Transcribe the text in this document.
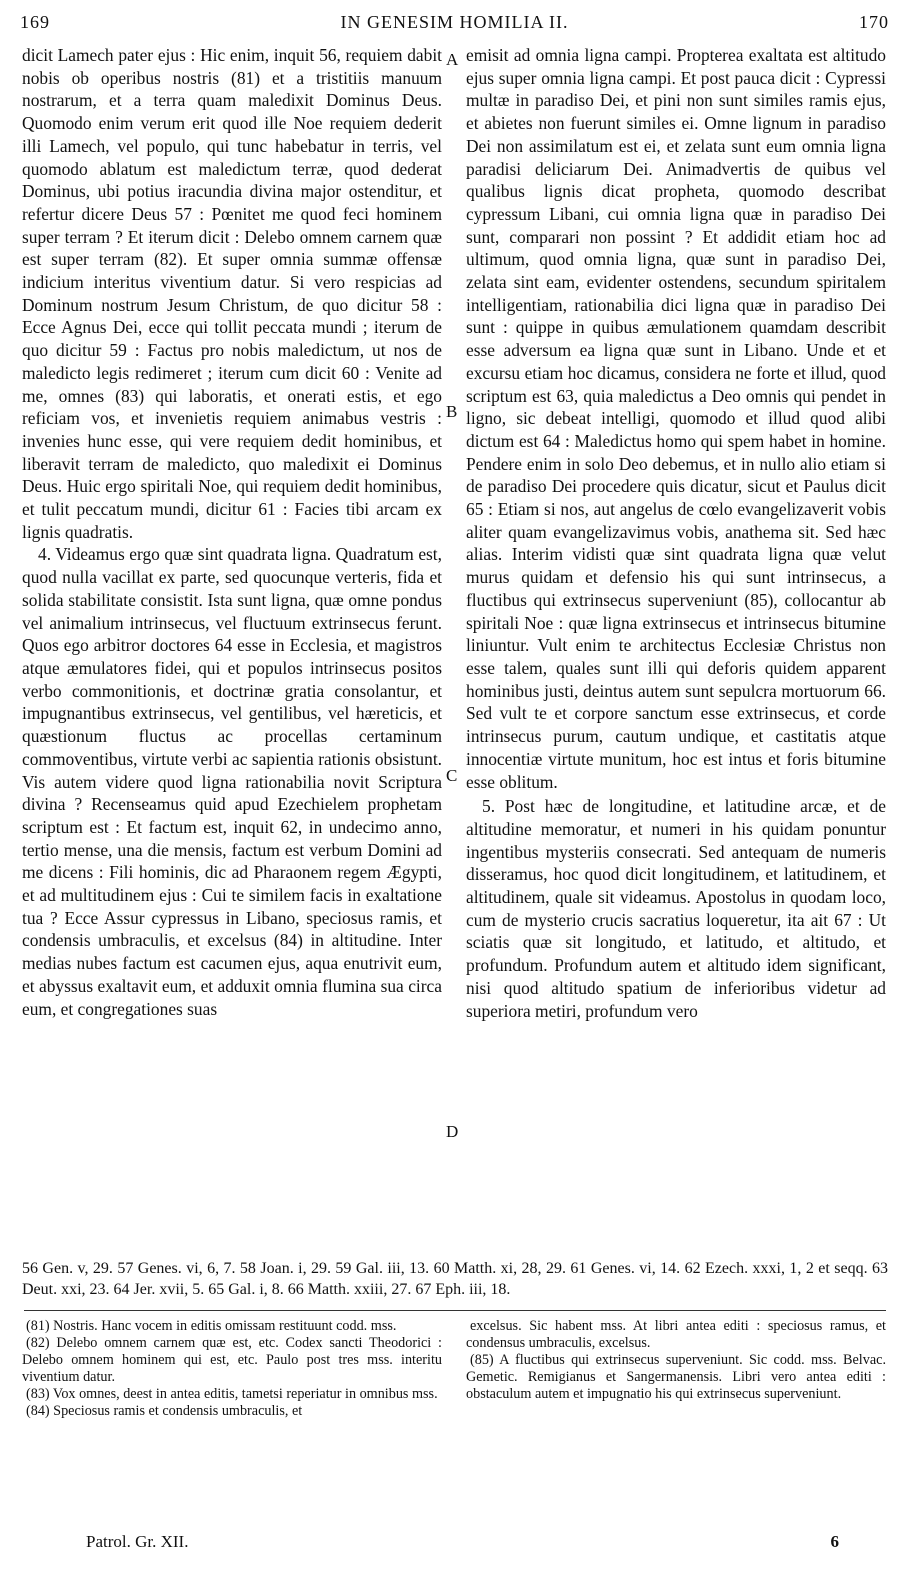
169	IN GENESIM HOMILIA II.	170

dicit Lamech pater ejus : Hic enim, inquit 56, requiem dabit nobis ob operibus nostris (81) et a tristitiis manuum nostrarum, et a terra quam maledixit Dominus Deus. Quomodo enim verum erit quod ille Noe requiem dederit illi Lamech, vel populo, qui tunc habebatur in terris, vel quomodo ablatum est maledictum terræ, quod dederat Dominus, ubi potius iracundia divina major ostenditur, et refertur dicere Deus 57 : Pœnitet me quod feci hominem super terram ? Et iterum dicit : Delebo omnem carnem quæ est super terram (82). Et super omnia summæ offensæ indicium interitus viventium datur. Si vero respicias ad Dominum nostrum Jesum Christum, de quo dicitur 58 : Ecce Agnus Dei, ecce qui tollit peccata mundi ; iterum de quo dicitur 59 : Factus pro nobis maledictum, ut nos de maledicto legis redimeret ; iterum cum dicit 60 : Venite ad me, omnes (83) qui laboratis, et onerati estis, et ego reficiam vos, et invenietis requiem animabus vestris : invenies hunc esse, qui vere requiem dedit hominibus, et liberavit terram de maledicto, quo maledixit ei Dominus Deus. Huic ergo spiritali Noe, qui requiem dedit hominibus, et tulit peccatum mundi, dicitur 61 : Facies tibi arcam ex lignis quadratis.

4. Videamus ergo quæ sint quadrata ligna. Quadratum est, quod nulla vacillat ex parte, sed quocunque verteris, fida et solida stabilitate consistit. Ista sunt ligna, quæ omne pondus vel animalium intrinsecus, vel fluctuum extrinsecus ferunt. Quos ego arbitror doctores 64 esse in Ecclesia, et magistros atque æmulatores fidei, qui et populos intrinsecus positos verbo commonitionis, et doctrinæ gratia consolantur, et impugnantibus extrinsecus, vel gentilibus, vel hæreticis, et quæstionum fluctus ac procellas certaminum commoventibus, virtute verbi ac sapientia rationis obsistunt. Vis autem videre quod ligna rationabilia novit Scriptura divina ? Recenseamus quid apud Ezechielem prophetam scriptum est : Et factum est, inquit 62, in undecimo anno, tertio mense, una die mensis, factum est verbum Domini ad me dicens : Fili hominis, dic ad Pharaonem regem Ægypti, et ad multitudinem ejus : Cui te similem facis in exaltatione tua ? Ecce Assur cypressus in Libano, speciosus ramis, et condensis umbraculis, et excelsus (84) in altitudine. Inter medias nubes factum est cacumen ejus, aqua enutrivit eum, et abyssus exaltavit eum, et adduxit omnia flumina sua circa eum, et congregationes suas

A
B
C
D

emisit ad omnia ligna campi. Propterea exaltata est altitudo ejus super omnia ligna campi. Et post pauca dicit : Cypressi multæ in paradiso Dei, et pini non sunt similes ramis ejus, et abietes non fuerunt similes ei. Omne lignum in paradiso Dei non assimilatum est ei, et zelata sunt eum omnia ligna paradisi deliciarum Dei. Animadvertis de quibus vel qualibus lignis dicat propheta, quomodo describat cypressum Libani, cui omnia ligna quæ in paradiso Dei sunt, comparari non possint ? Et addidit etiam hoc ad ultimum, quod omnia ligna, quæ sunt in paradiso Dei, zelata sint eam, evidenter ostendens, secundum spiritalem intelligentiam, rationabilia dici ligna quæ in paradiso Dei sunt : quippe in quibus æmulationem quamdam describit esse adversum ea ligna quæ sunt in Libano. Unde et et excursu etiam hoc dicamus, considera ne forte et illud, quod scriptum est 63, quia maledictus a Deo omnis qui pendet in ligno, sic debeat intelligi, quomodo et illud quod alibi dictum est 64 : Maledictus homo qui spem habet in homine. Pendere enim in solo Deo debemus, et in nullo alio etiam si de paradiso Dei procedere quis dicatur, sicut et Paulus dicit 65 : Etiam si nos, aut angelus de cœlo evangelizaverit vobis aliter quam evangelizavimus vobis, anathema sit. Sed hæc alias. Interim vidisti quæ sint quadrata ligna quæ velut murus quidam et defensio his qui sunt intrinsecus, a fluctibus qui extrinsecus superveniunt (85), collocantur ab spiritali Noe : quæ ligna extrinsecus et intrinsecus bitumine liniuntur. Vult enim te architectus Ecclesiæ Christus non esse talem, quales sunt illi qui deforis quidem apparent hominibus justi, deintus autem sunt sepulcra mortuorum 66. Sed vult te et corpore sanctum esse extrinsecus, et corde intrinsecus purum, cautum undique, et castitatis atque innocentiæ virtute munitum, hoc est intus et foris bitumine esse oblitum.

5. Post hæc de longitudine, et latitudine arcæ, et de altitudine memoratur, et numeri in his quidam ponuntur ingentibus mysteriis consecrati. Sed antequam de numeris disseramus, hoc quod dicit longitudinem, et latitudinem, et altitudinem, quale sit videamus. Apostolus in quodam loco, cum de mysterio crucis sacratius loqueretur, ita ait 67 : Ut sciatis quæ sit longitudo, et latitudo, et altitudo, et profundum. Profundum autem et altitudo idem significant, nisi quod altitudo spatium de inferioribus videtur ad superiora metiri, profundum vero

56 Gen. v, 29. 57 Genes. vi, 6, 7. 58 Joan. i, 29. 59 Gal. iii, 13. 60 Matth. xi, 28, 29. 61 Genes. vi, 14. 62 Ezech. xxxi, 1, 2 et seqq. 63 Deut. xxi, 23. 64 Jer. xvii, 5. 65 Gal. i, 8. 66 Matth. xxiii, 27. 67 Eph. iii, 18.

(81) Nostris. Hanc vocem in editis omissam restituunt codd. mss.

(82) Delebo omnem carnem quæ est, etc. Codex sancti Theodorici : Delebo omnem hominem qui est, etc. Paulo post tres mss. interitu viventium datur.

(83) Vox omnes, deest in antea editis, tametsi reperiatur in omnibus mss.

(84) Speciosus ramis et condensis umbraculis, et

excelsus. Sic habent mss. At libri antea editi : speciosus ramus, et condensus umbraculis, excelsus.

(85) A fluctibus qui extrinsecus superveniunt. Sic codd. mss. Belvac. Gemetic. Remigianus et Sangermanensis. Libri vero antea editi : obstaculum autem et impugnatio his qui extrinsecus superveniunt.

Patrol. Gr. XII.	6
